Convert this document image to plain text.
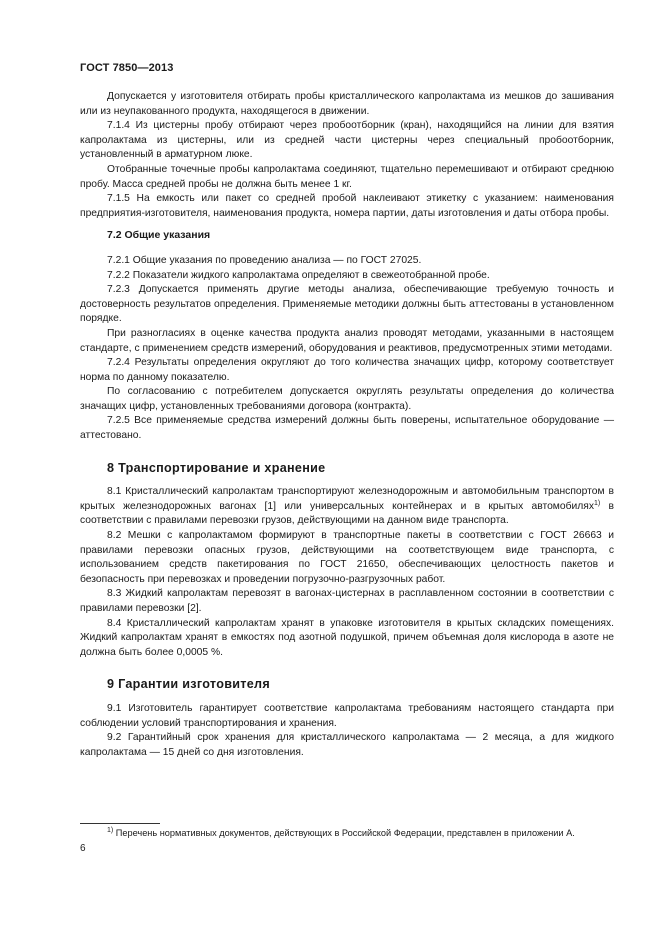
ГОСТ 7850—2013

Допускается у изготовителя отбирать пробы кристаллического капролактама из мешков до зашивания или из неупакованного продукта, находящегося в движении.

7.1.4 Из цистерны пробу отбирают через пробоотборник (кран), находящийся на линии для взятия капролактама из цистерны, или из средней части цистерны через специальный пробоотборник, установленный в арматурном люке.

Отобранные точечные пробы капролактама соединяют, тщательно перемешивают и отбирают среднюю пробу. Масса средней пробы не должна быть менее 1 кг.

7.1.5 На емкость или пакет со средней пробой наклеивают этикетку с указанием: наименования предприятия-изготовителя, наименования продукта, номера партии, даты изготовления и даты отбора пробы.

7.2 Общие указания

7.2.1 Общие указания по проведению анализа — по ГОСТ 27025.

7.2.2 Показатели жидкого капролактама определяют в свежеотобранной пробе.

7.2.3 Допускается применять другие методы анализа, обеспечивающие требуемую точность и достоверность результатов определения. Применяемые методики должны быть аттестованы в установленном порядке.

При разногласиях в оценке качества продукта анализ проводят методами, указанными в настоящем стандарте, с применением средств измерений, оборудования и реактивов, предусмотренных этими методами.

7.2.4 Результаты определения округляют до того количества значащих цифр, которому соответствует норма по данному показателю.

По согласованию с потребителем допускается округлять результаты определения до количества значащих цифр, установленных требованиями договора (контракта).

7.2.5 Все применяемые средства измерений должны быть поверены, испытательное оборудование — аттестовано.

8 Транспортирование и хранение

8.1 Кристаллический капролактам транспортируют железнодорожным и автомобильным транспортом в крытых железнодорожных вагонах [1] или универсальных контейнерах и в крытых автомобилях$^{1)}$ в соответствии с правилами перевозки грузов, действующими на данном виде транспорта.

8.2 Мешки с капролактамом формируют в транспортные пакеты в соответствии с ГОСТ 26663 и правилами перевозки опасных грузов, действующими на соответствующем виде транспорта, с использованием средств пакетирования по ГОСТ 21650, обеспечивающих целостность пакетов и безопасность при перевозках и проведении погрузочно-разгрузочных работ.

8.3 Жидкий капролактам перевозят в вагонах-цистернах в расплавленном состоянии в соответствии с правилами перевозки [2].

8.4 Кристаллический капролактам хранят в упаковке изготовителя в крытых складских помещениях. Жидкий капролактам хранят в емкостях под азотной подушкой, причем объемная доля кислорода в азоте не должна быть более 0,0005 %.

9 Гарантии изготовителя

9.1 Изготовитель гарантирует соответствие капролактама требованиям настоящего стандарта при соблюдении условий транспортирования и хранения.

9.2 Гарантийный срок хранения для кристаллического капролактама — 2 месяца, а для жидкого капролактама — 15 дней со дня изготовления.

$^{1)}$ Перечень нормативных документов, действующих в Российской Федерации, представлен в приложении А.
6
